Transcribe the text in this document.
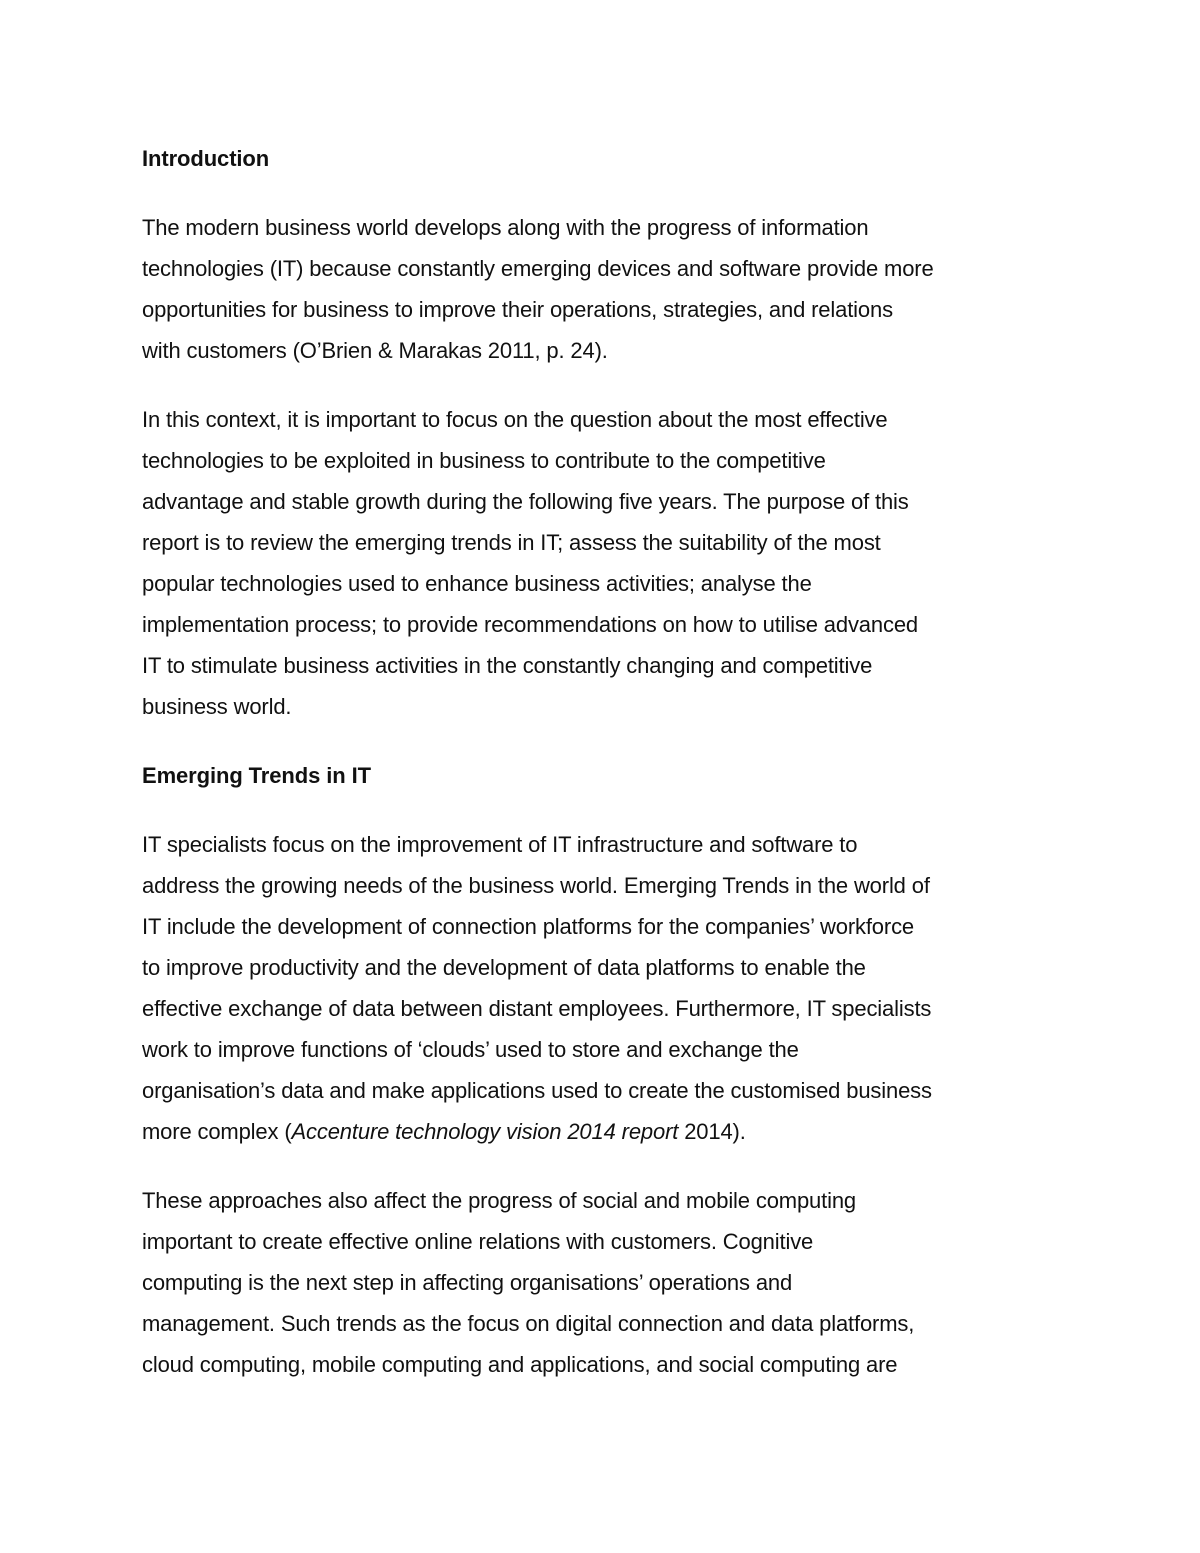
Introduction
The modern business world develops along with the progress of information
technologies (IT) because constantly emerging devices and software provide more
opportunities for business to improve their operations, strategies, and relations
with customers (O’Brien & Marakas 2011, p. 24).
In this context, it is important to focus on the question about the most effective
technologies to be exploited in business to contribute to the competitive
advantage and stable growth during the following five years. The purpose of this
report is to review the emerging trends in IT; assess the suitability of the most
popular technologies used to enhance business activities; analyse the
implementation process; to provide recommendations on how to utilise advanced
IT to stimulate business activities in the constantly changing and competitive
business world.
Emerging Trends in IT
IT specialists focus on the improvement of IT infrastructure and software to
address the growing needs of the business world. Emerging Trends in the world of
IT include the development of connection platforms for the companies’ workforce
to improve productivity and the development of data platforms to enable the
effective exchange of data between distant employees. Furthermore, IT specialists
work to improve functions of ‘clouds’ used to store and exchange the
organisation’s data and make applications used to create the customised business
more complex (Accenture technology vision 2014 report 2014).
These approaches also affect the progress of social and mobile computing
important to create effective online relations with customers. Cognitive
computing is the next step in affecting organisations’ operations and
management. Such trends as the focus on digital connection and data platforms,
cloud computing, mobile computing and applications, and social computing are
